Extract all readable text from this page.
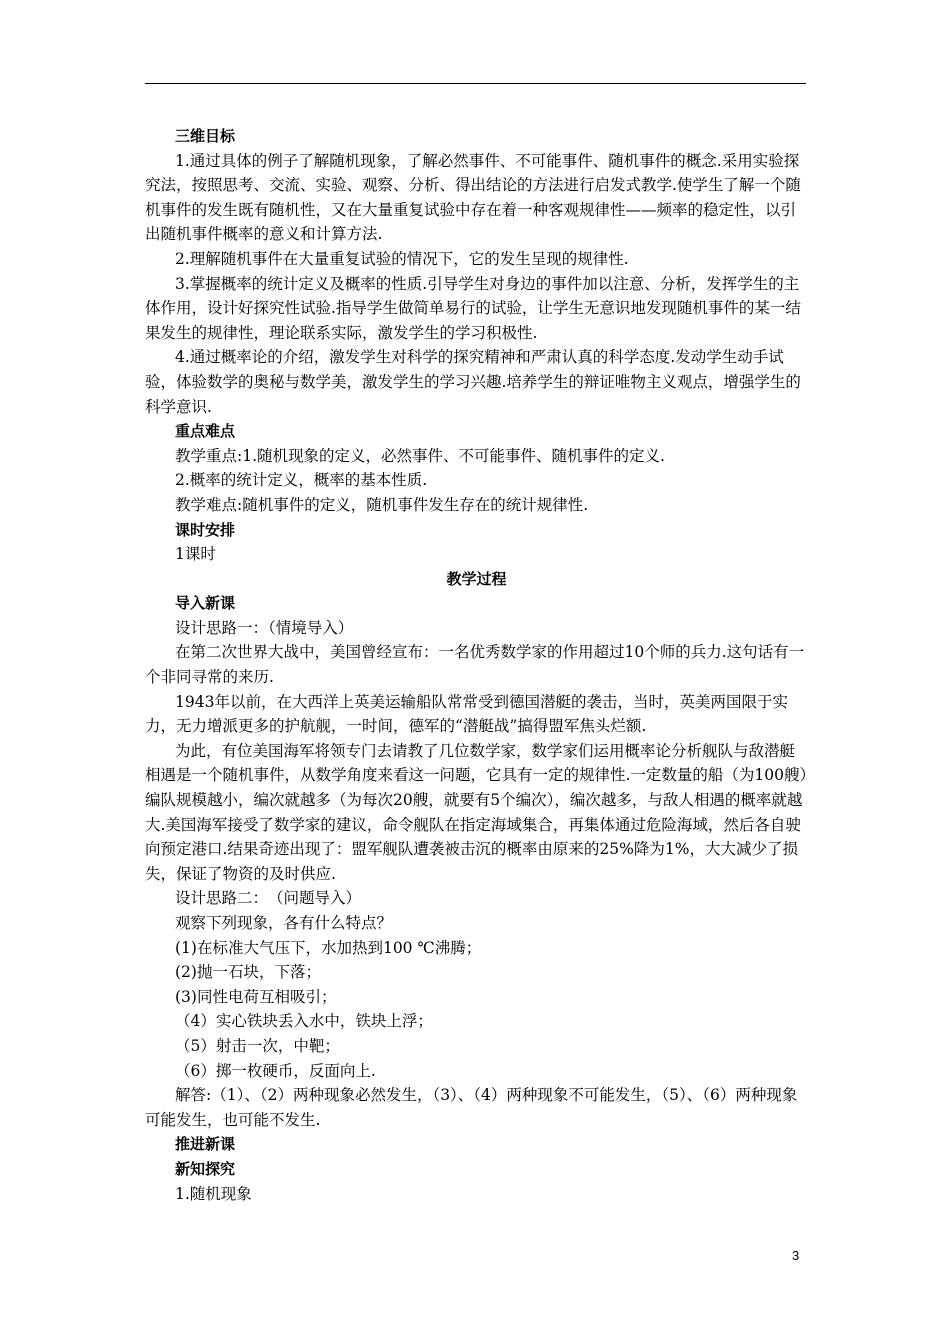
三维目标

1.通过具体的例子了解随机现象，了解必然事件、不可能事件、随机事件的概念.采用实验探究法，按照思考、交流、实验、观察、分析、得出结论的方法进行启发式教学.使学生了解一个随机事件的发生既有随机性，又在大量重复试验中存在着一种客观规律性——频率的稳定性，以引出随机事件概率的意义和计算方法.

2.理解随机事件在大量重复试验的情况下，它的发生呈现的规律性.

3.掌握概率的统计定义及概率的性质.引导学生对身边的事件加以注意、分析，发挥学生的主体作用，设计好探究性试验.指导学生做简单易行的试验，让学生无意识地发现随机事件的某一结果发生的规律性，理论联系实际，激发学生的学习积极性.

4.通过概率论的介绍，激发学生对科学的探究精神和严肃认真的科学态度.发动学生动手试验，体验数学的奥秘与数学美，激发学生的学习兴趣.培养学生的辩证唯物主义观点，增强学生的科学意识.

重点难点

教学重点:1.随机现象的定义，必然事件、不可能事件、随机事件的定义.

2.概率的统计定义，概率的基本性质.

教学难点:随机事件的定义，随机事件发生存在的统计规律性.

课时安排

1课时

教学过程

导入新课

设计思路一：（情境导入）

在第二次世界大战中，美国曾经宣布：一名优秀数学家的作用超过10个师的兵力.这句话有一个非同寻常的来历.

1943年以前，在大西洋上英美运输船队常常受到德国潜艇的袭击，当时，英美两国限于实力，无力增派更多的护航舰，一时间，德军的“潜艇战”搞得盟军焦头烂额.

为此，有位美国海军将领专门去请教了几位数学家，数学家们运用概率论分析舰队与敌潜艇相遇是一个随机事件，从数学角度来看这一问题，它具有一定的规律性.一定数量的船（为100艘）编队规模越小，编次就越多（为每次20艘，就要有5个编次），编次越多，与敌人相遇的概率就越大.美国海军接受了数学家的建议，命令舰队在指定海域集合，再集体通过危险海域，然后各自驶向预定港口.结果奇迹出现了：盟军舰队遭袭被击沉的概率由原来的25%降为1%，大大减少了损失，保证了物资的及时供应.

设计思路二：　（问题导入）

观察下列现象，各有什么特点？

(1)在标准大气压下，水加热到100 ℃沸腾；

(2)抛一石块，下落；

(3)同性电荷互相吸引；

（4）实心铁块丢入水中，铁块上浮；

（5）射击一次，中靶；

（6）掷一枚硬币，反面向上.

解答:（1）、（2）两种现象必然发生，（3）、（4）两种现象不可能发生，（5）、（6）两种现象可能发生，也可能不发生.

推进新课

新知探究

1.随机现象

3
